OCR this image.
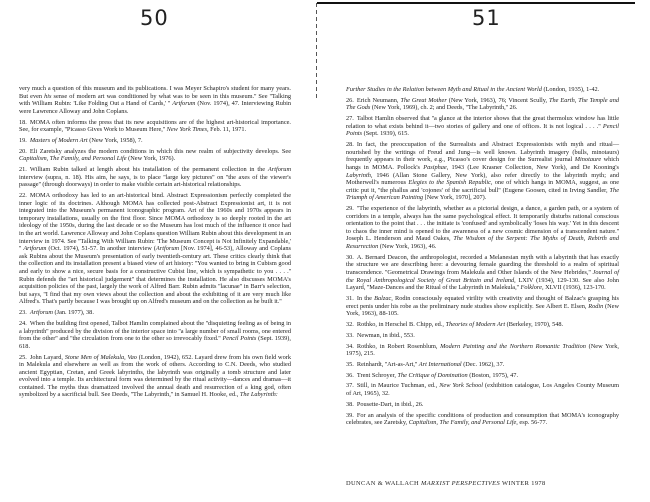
50

very much a question of this museum and its publications. I was Meyer Schapiro's student for many years. But even his sense of modern art was conditioned by what was to be seen in this museum.'' See ''Talking with William Rubin: 'Like Folding Out a Hand of Cards,' '' Artforum (Nov. 1974), 47. Interviewing Rubin were Lawrence Alloway and John Coplans.

18. MOMA often informs the press that its new acquisitions are of the highest art-historical importance. See, for example, ''Picasso Gives Work to Museum Here,'' New York Times, Feb. 11, 1971.

19. Masters of Modern Art (New York, 1958), 7.

20. Eli Zaretsky analyzes the modern conditions in which this new realm of subjectivity develops. See Capitalism, The Family, and Personal Life (New York, 1976).

21. William Rubin talked at length about his installation of the permanent collection in the Artforum interview (supra, n. 18). His aim, he says, is to place ''large key pictures'' on ''the axes of the viewer's passage'' (through doorways) in order to make visible certain art-historical relationships.

22. MOMA orthodoxy has led to an art-historical bind. Abstract Expressionism perfectly completed the inner logic of its doctrines. Although MOMA has collected post-Abstract Expressionist art, it is not integrated into the Museum's permanent iconographic program. Art of the 1960s and 1970s appears in temporary installations, usually on the first floor. Since MOMA orthodoxy is so deeply rooted in the art ideology of the 1950s, during the last decade or so the Museum has lost much of the influence it once had in the art world. Lawrence Alloway and John Coplans question William Rubin about this development in an interview in 1974. See ''Talking With William Rubin: 'The Museum Concept is Not Infinitely Expandable,' '' Artforum (Oct. 1974), 51-57. In another interview (Artforum [Nov. 1974], 46-53), Alloway and Coplans ask Rubins about the Museum's presentation of early twentieth-century art. These critics clearly think that the collection and its installation present a biased view of art history: ''You wanted to bring in Cubism good and early to show a nice, secure basis for a constructive Cubist line, which is sympathetic to you . . . .'' Rubin defends the ''art historical judgement'' that determines the installation. He also discusses MOMA's acquisition policies of the past, largely the work of Alfred Barr. Rubin admits ''lacunae'' in Barr's selection, but says, ''I find that my own views about the collection and about the exhibiting of it are very much like Alfred's. That's partly because I was brought up on Alfred's museum and on the collection as he built it.''

23. Artforum (Jan. 1977), 38.

24. When the building first opened, Talbot Hamlin complained about the ''disquieting feeling as of being in a labyrinth'' produced by the division of the interior space into ''a large number of small rooms, one entered from the other'' and ''the circulation from one to the other so irrevocably fixed.'' Pencil Points (Sept. 1939), 618.

25. John Layard, Stone Men of Malekula, Vao (London, 1942), 652. Layard drew from his own field work in Malekula and elsewhere as well as from the work of others. According to C.N. Deeds, who studied ancient Egyptian, Cretan, and Greek labyrinths, the labyrinth was originally a tomb structure and later evolved into a temple. Its architectural form was determined by the ritual activity—dances and dramas—it contained. The myths thus dramatized involved the annual death and resurrection of a king god, often symbolized by a sacrificial bull. See Deeds, ''The Labyrinth,'' in Samuel H. Hooke, ed., The Labyrinth:

51

Further Studies in the Relation between Myth and Ritual in the Ancient World (London, 1935), 1-42.

26. Erich Neumann, The Great Mother (New York, 1963), 76; Vincent Scully, The Earth, The Temple and The Gods (New York, 1969), ch. 2; and Deeds, ''The Labyrinth,'' 26.

27. Talbot Hamlin observed that ''a glance at the interior shows that the great thermolux window has little relation to what exists behind it—two stories of gallery and one of offices. It is not logical . . . .'' Pencil Points (Sept. 1939), 615.

28. In fact, the preoccupation of the Surrealists and Abstract Expressionists with myth and ritual—nourished by the writings of Freud and Jung—is well known. Labyrinth imagery (bulls, minotaurs) frequently appears in their work, e.g., Picasso's cover design for the Surrealist journal Minotaure which hangs in MOMA. Pollock's Pasiphae, 1943 (Lee Krasner Collection, New York), and De Kooning's Labyrinth, 1946 (Allan Stone Gallery, New York), also refer directly to the labyrinth myth; and Motherwell's numerous Elegies to the Spanish Republic, one of which hangs in MOMA, suggest, as one critic put it, ''the phallus and 'cojones' of the sacrificial bull'' (Eugene Goosen, cited in Irving Sandler, The Triumph of American Painting [New York, 1970], 207).

29. ''The experience of the labyrinth, whether as a pictorial design, a dance, a garden path, or a system of corridors in a temple, always has the same psychological effect. It temporarily disturbs rational conscious orientation to the point that . . . the initiate is 'confused' and symbolically 'loses his way.' Yet in this descent to chaos the inner mind is opened to the awareness of a new cosmic dimension of a transcendent nature.'' Joseph L. Henderson and Maud Oakes, The Wisdom of the Serpent: The Myths of Death, Rebirth and Resurrection (New York, 1963), 46.

30. A. Bernard Deacon, the anthropologist, recorded a Melanesian myth with a labyrinth that has exactly the structure we are describing here: a devouring female guarding the threshold to a realm of spiritual transcendence. ''Geometrical Drawings from Malekula and Other Islands of the New Hebrides,'' Journal of the Royal Anthropological Society of Great Britain and Ireland, LXIV (1934), 129-130. See also John Layard, ''Maze-Dances and the Ritual of the Labyrinth in Malekula,'' Folklore, XLVII (1936), 123-170.

31. In the Balzac, Rodin consciously equated virility with creativity and thought of Balzac's grasping his erect penis under his robe as the preliminary nude studies show explicitly. See Albert E. Elsen, Rodin (New York, 1963), 88-105.

32. Rothko, in Herschel B. Chipp, ed., Theories of Modern Art (Berkeley, 1970), 548.

33. Newman, in ibid., 553.

34. Rothko, in Robert Rosenblum, Modern Painting and the Northern Romantic Tradition (New York, 1975), 215.

35. Reinhardt, ''Art-as-Art,'' Art International (Dec. 1962), 37.

36. Trent Schroyer, The Critique of Domination (Boston, 1975), 47.

37. Still, in Maurice Tuchman, ed., New York School (exhibition catalogue, Los Angeles County Museum of Art, 1965), 32.

38. Pousette-Dart, in ibid., 26.

39. For an analysis of the specific conditions of production and consumption that MOMA's iconography celebrates, see Zaretsky, Capitalism, The Family, and Personal Life, esp. 56-77.

DUNCAN & WALLACH MARXIST PERSPECTIVES WINTER 1978
